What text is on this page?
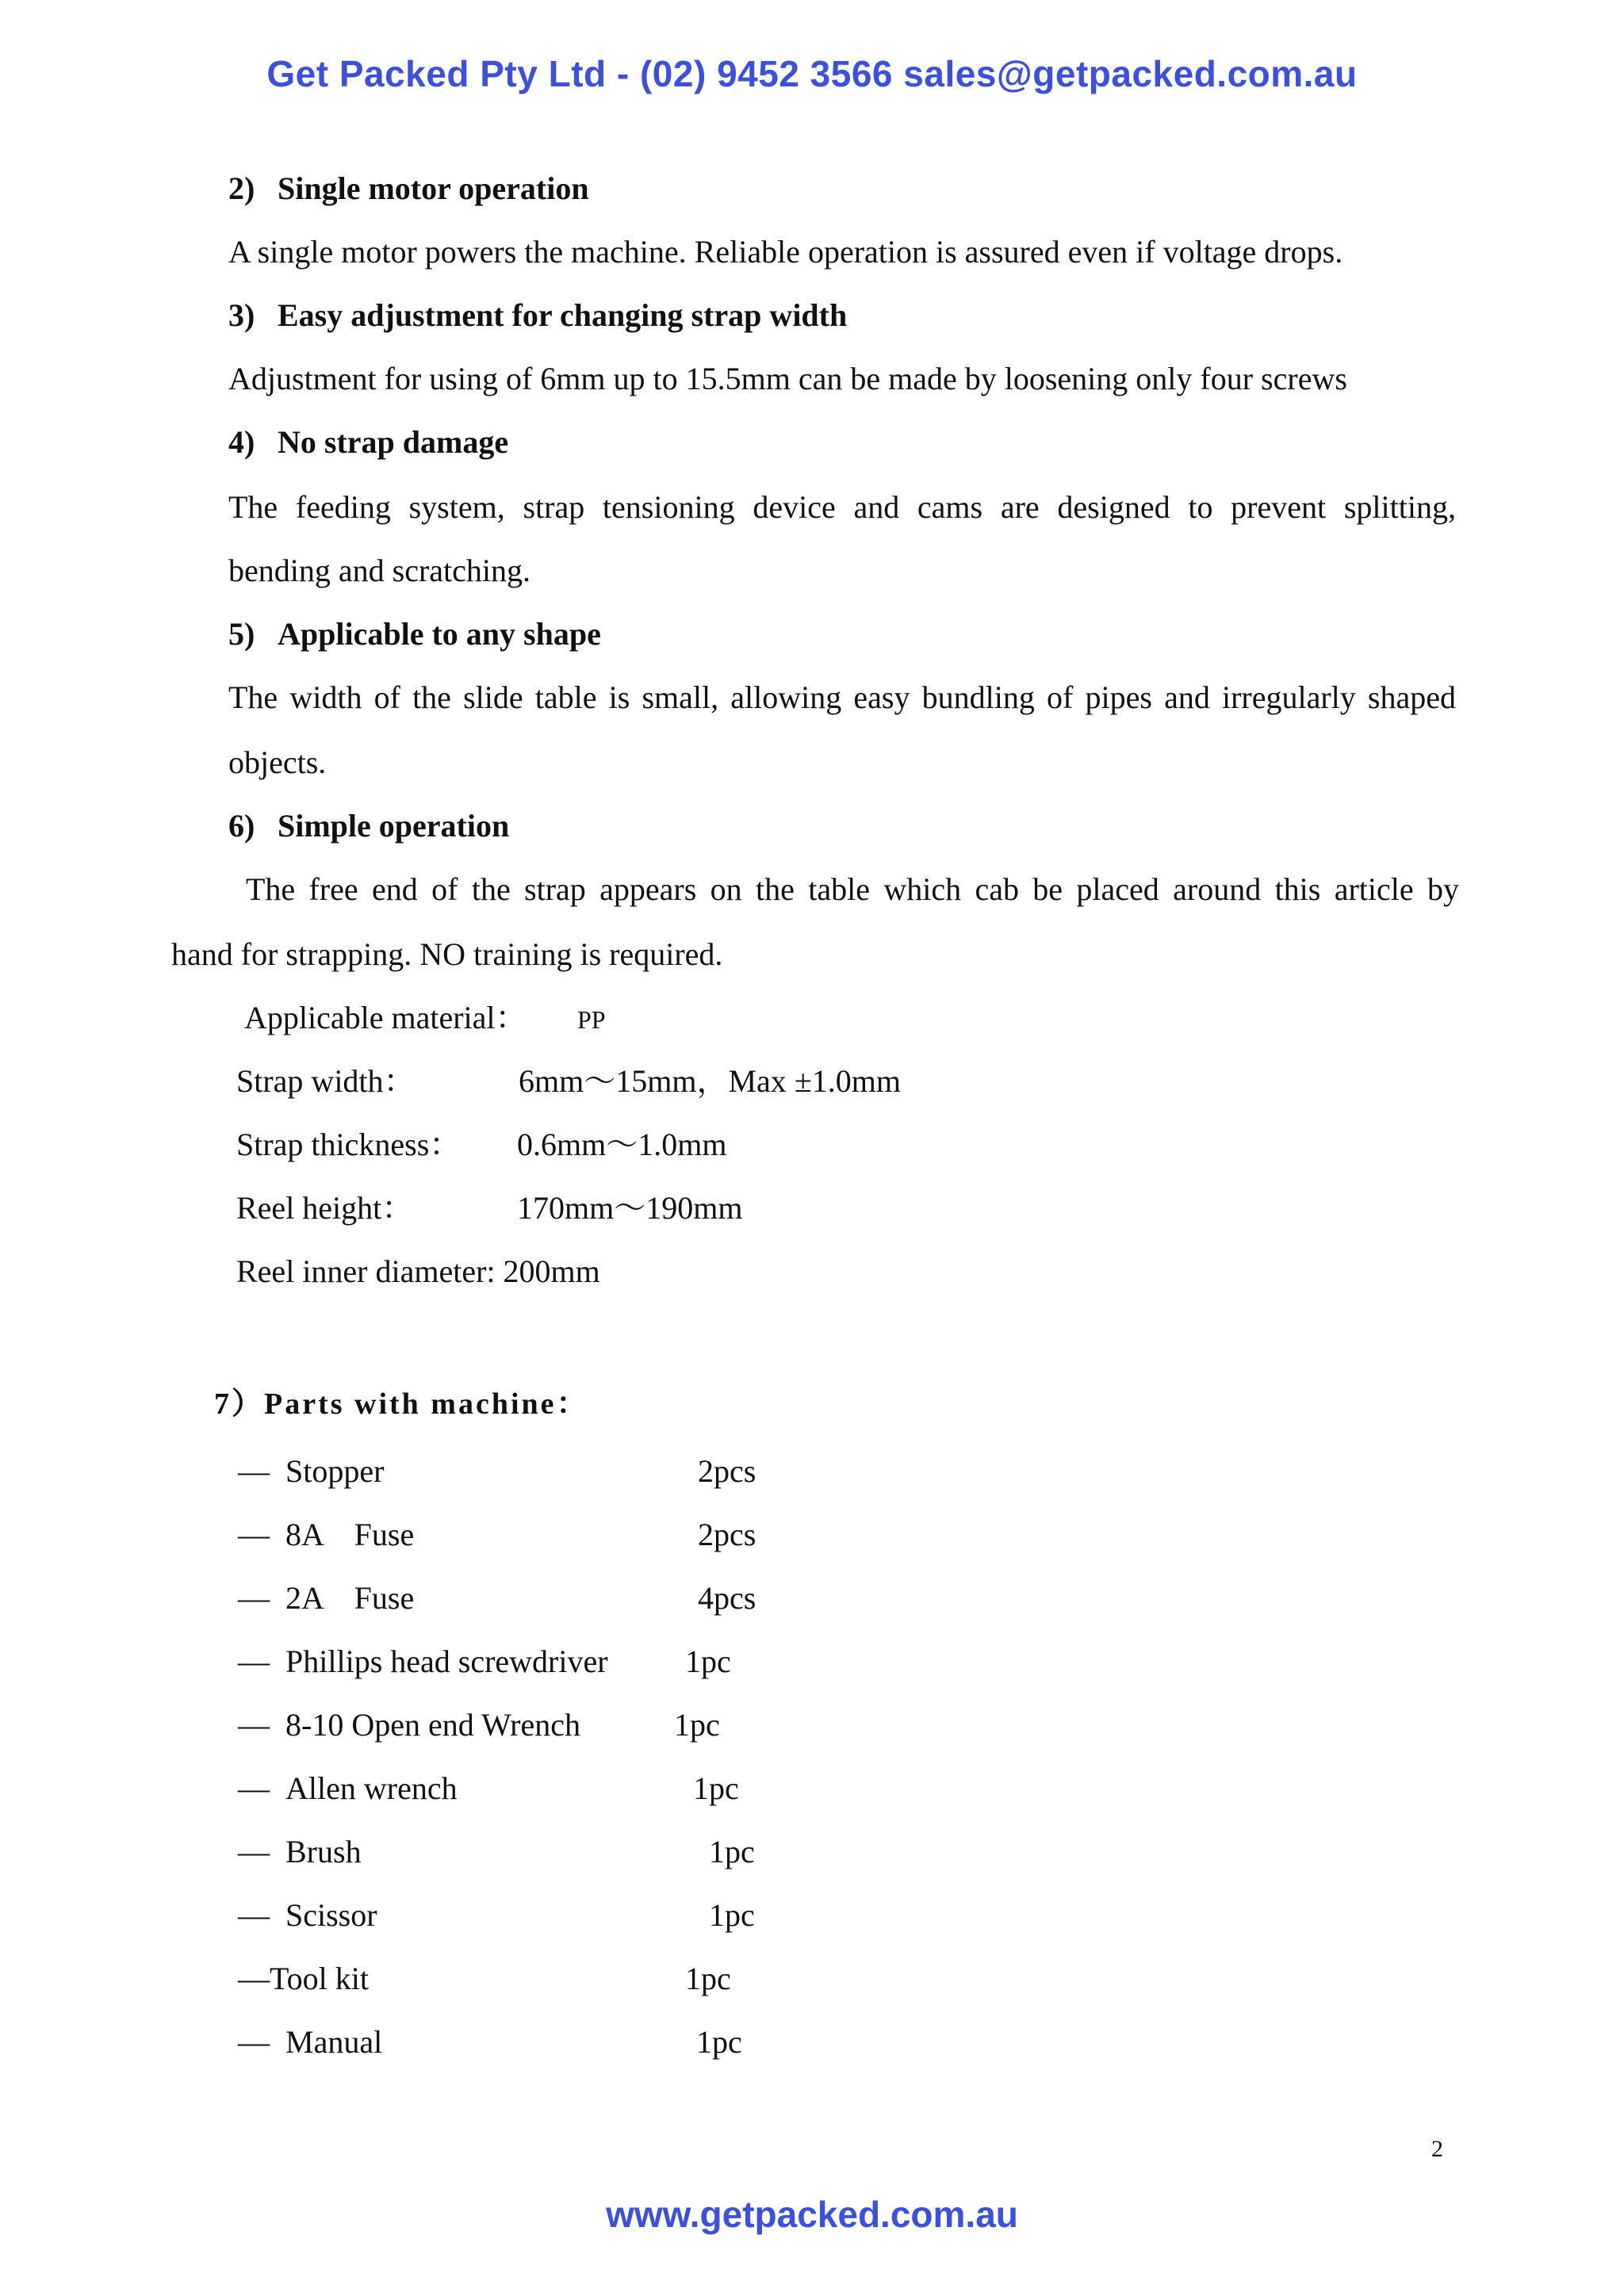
Get Packed Pty Ltd - (02) 9452 3566 sales@getpacked.com.au
2) Single motor operation
A single motor powers the machine. Reliable operation is assured even if voltage drops.
3) Easy adjustment for changing strap width
Adjustment for using of 6mm up to 15.5mm can be made by loosening only four screws
4) No strap damage
The feeding system, strap tensioning device and cams are designed to prevent splitting,
bending and scratching.
5) Applicable to any shape
The width of the slide table is small, allowing easy bundling of pipes and irregularly shaped
objects.
6) Simple operation
The free end of the strap appears on the table which cab be placed around this article by
hand for strapping. NO training is required.
Applicable material： PP
Strap width：	6mm～15mm，Max ±1.0mm
Strap thickness： 0.6mm～1.0mm
Reel height：	170mm～190mm
Reel inner diameter: 200mm
7）Parts with machine：
— Stopper	2pcs
— 8A    Fuse	2pcs
— 2A    Fuse	4pcs
— Phillips head screwdriver 1pc
— 8-10 Open end Wrench	1pc
— Allen wrench	1pc
— Brush	1pc
— Scissor	1pc
—Tool kit	1pc
— Manual	1pc
2
www.getpacked.com.au
